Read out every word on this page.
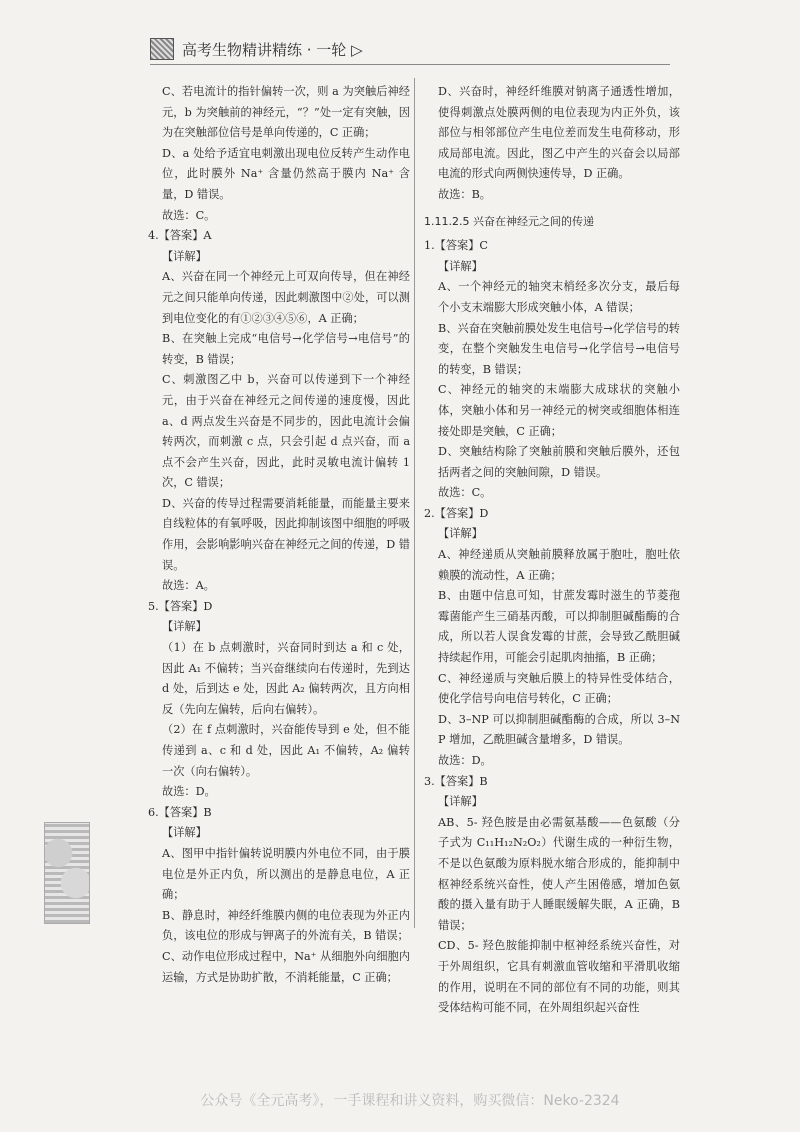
高考生物精讲精练 · 一轮 ▷

C、若电流计的指针偏转一次，则 a 为突触后神经元，b 为突触前的神经元，“？”处一定有突触，因为在突触部位信号是单向传递的，C 正确；

D、a 处给予适宜电刺激出现电位反转产生动作电位，此时膜外 Na⁺ 含量仍然高于膜内 Na⁺ 含量，D 错误。

故选：C。

4.【答案】A

【详解】

A、兴奋在同一个神经元上可双向传导，但在神经元之间只能单向传递，因此刺激图中②处，可以测到电位变化的有①②③④⑤⑥，A 正确；

B、在突触上完成“电信号→化学信号→电信号”的转变，B 错误；

C、刺激图乙中 b，兴奋可以传递到下一个神经元，由于兴奋在神经元之间传递的速度慢，因此 a、d 两点发生兴奋是不同步的，因此电流计会偏转两次，而刺激 c 点，只会引起 d 点兴奋，而 a 点不会产生兴奋，因此，此时灵敏电流计偏转 1 次，C 错误；

D、兴奋的传导过程需要消耗能量，而能量主要来自线粒体的有氧呼吸，因此抑制该图中细胞的呼吸作用，会影响影响兴奋在神经元之间的传递，D 错误。

故选：A。

5.【答案】D

【详解】

（1）在 b 点刺激时，兴奋同时到达 a 和 c 处，因此 A₁ 不偏转；当兴奋继续向右传递时，先到达 d 处，后到达 e 处，因此 A₂ 偏转两次，且方向相反（先向左偏转，后向右偏转）。

（2）在 f 点刺激时，兴奋能传导到 e 处，但不能传递到 a、c 和 d 处，因此 A₁ 不偏转，A₂ 偏转一次（向右偏转）。

故选：D。

6.【答案】B

【详解】

A、图甲中指针偏转说明膜内外电位不同，由于膜电位是外正内负，所以测出的是静息电位，A 正确；

B、静息时，神经纤维膜内侧的电位表现为外正内负，该电位的形成与钾离子的外流有关，B 错误；

C、动作电位形成过程中，Na⁺ 从细胞外向细胞内运输，方式是协助扩散，不消耗能量，C 正确；

D、兴奋时，神经纤维膜对钠离子通透性增加，使得刺激点处膜两侧的电位表现为内正外负，该部位与相邻部位产生电位差而发生电荷移动，形成局部电流。因此，图乙中产生的兴奋会以局部电流的形式向两侧快速传导，D 正确。

故选：B。

1.11.2.5 兴奋在神经元之间的传递

1.【答案】C

【详解】

A、一个神经元的轴突末梢经多次分支，最后每个小支末端膨大形成突触小体，A 错误；

B、兴奋在突触前膜处发生电信号→化学信号的转变，在整个突触发生电信号→化学信号→电信号的转变，B 错误；

C、神经元的轴突的末端膨大成球状的突触小体，突触小体和另一神经元的树突或细胞体相连接处即是突触，C 正确；

D、突触结构除了突触前膜和突触后膜外，还包括两者之间的突触间隙，D 错误。

故选：C。

2.【答案】D

【详解】

A、神经递质从突触前膜释放属于胞吐，胞吐依赖膜的流动性，A 正确；

B、由题中信息可知，甘蔗发霉时滋生的节菱孢霉菌能产生三硝基丙酸，可以抑制胆碱酯酶的合成，所以若人误食发霉的甘蔗，会导致乙酰胆碱持续起作用，可能会引起肌肉抽搐，B 正确；

C、神经递质与突触后膜上的特异性受体结合，使化学信号向电信号转化，C 正确；

D、3–NP 可以抑制胆碱酯酶的合成，所以 3–NP 增加，乙酰胆碱含量增多，D 错误。

故选：D。

3.【答案】B

【详解】

AB、5- 羟色胺是由必需氨基酸——色氨酸（分子式为 C₁₁H₁₂N₂O₂）代谢生成的一种衍生物，不是以色氨酸为原料脱水缩合形成的，能抑制中枢神经系统兴奋性，使人产生困倦感，增加色氨酸的摄入量有助于人睡眠缓解失眠，A 正确，B 错误；

CD、5- 羟色胺能抑制中枢神经系统兴奋性，对于外周组织，它具有刺激血管收缩和平滑肌收缩的作用，说明在不同的部位有不同的功能，则其受体结构可能不同，在外周组织起兴奋性

公众号《全元高考》，一手课程和讲义资料，购买微信：Neko-2324
